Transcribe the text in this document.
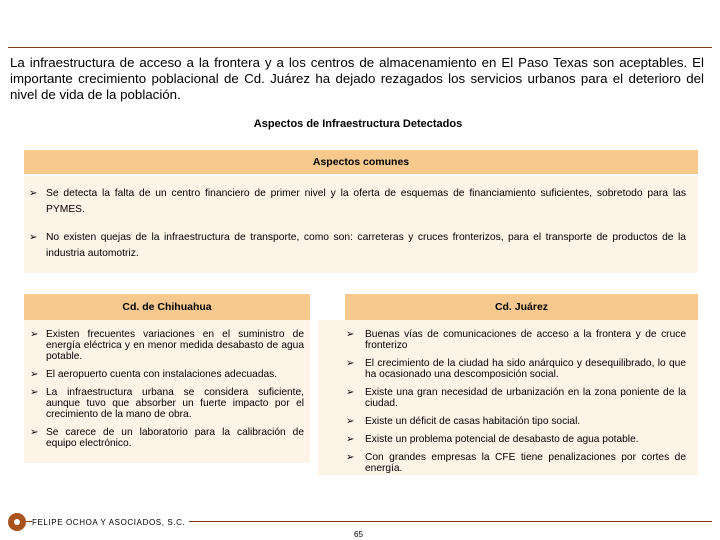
La infraestructura de acceso a la frontera y a los centros de almacenamiento en El Paso Texas son aceptables. El importante crecimiento poblacional de Cd. Juárez ha dejado rezagados los servicios urbanos para el deterioro del nivel de vida de la población.

Aspectos de Infraestructura Detectados

Aspectos comunes
➢ Se detecta la falta de un centro financiero de primer nivel y la oferta de esquemas de financiamiento suficientes, sobretodo para las PYMES.
➢ No existen quejas de la infraestructura de transporte, como son: carreteras y cruces fronterizos, para el transporte de productos de la industria automotriz.
Cd. de Chihuahua
➢ Existen frecuentes variaciones en el suministro de energía eléctrica y en menor medida desabasto de agua potable.
➢ El aeropuerto cuenta con instalaciones adecuadas.
➢ La infraestructura urbana se considera suficiente, aunque tuvo que absorber un fuerte impacto por el crecimiento de la mano de obra.
➢ Se carece de un laboratorio para la calibración de equipo electrónico.
➢ Buenas vías de comunicaciones de acceso a la frontera y de cruce fronterizo
➢ El crecimiento de la ciudad ha sido anárquico y desequilibrado, lo que ha ocasionado una descomposición social.
➢ Existe una gran necesidad de urbanización en la zona poniente de la ciudad.
➢ Existe un déficit de casas habitación tipo social.
➢ Existe un problema potencial de desabasto de agua potable.
➢ Con grandes empresas la CFE tiene penalizaciones por cortes de energía.
Cd. Juárez
FELIPE OCHOA Y ASOCIADOS, S.C.
65
